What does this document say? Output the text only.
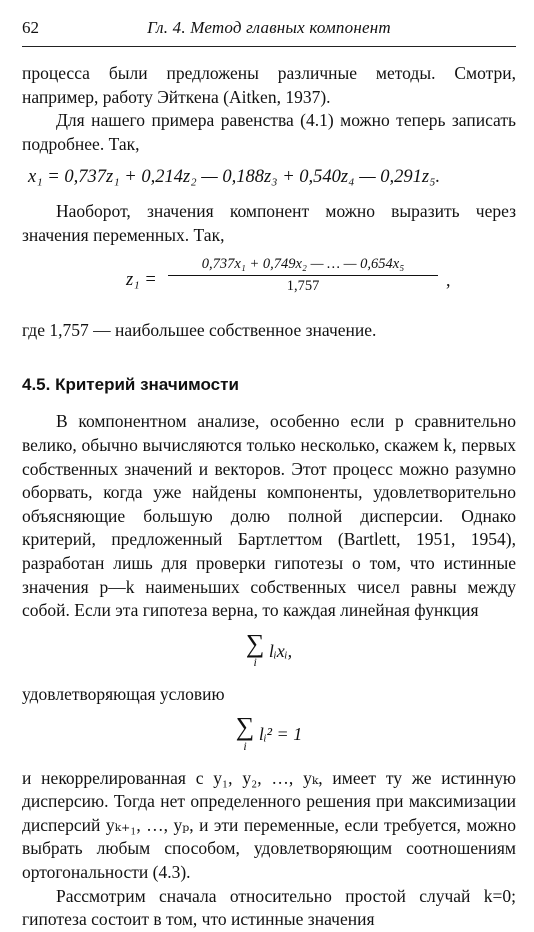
62	Гл. 4. Метод главных компонент

процесса были предложены различные методы. Смотри, например, работу Эйткена (Aitken, 1937).

Для нашего примера равенства (4.1) можно теперь записать подробнее. Так,

x₁ = 0,737z₁ + 0,214z₂ — 0,188z₃ + 0,540z₄ — 0,291z₅.

Наоборот, значения компонент можно выразить через значения переменных. Так,

$z_1 = \frac{\text{0,737x₁ + 0,749x₂ — … — 0,654x₅}}{1,757}$ ,

где 1,757 — наибольшее собственное значение.

4.5. Критерий значимости

В компонентном анализе, особенно если p сравнительно велико, обычно вычисляются только несколько, скажем k, первых собственных значений и векторов. Этот процесс можно разумно оборвать, когда уже найдены компоненты, удовлетворительно объясняющие большую долю полной дисперсии. Однако критерий, предложенный Бартлеттом (Bartlett, 1951, 1954), разработан лишь для проверки гипотезы о том, что истинные значения p—k наименьших собственных чисел равны между собой. Если эта гипотеза верна, то каждая линейная функция

∑
i
lᵢxᵢ,

удовлетворяющая условию

∑
i
lᵢ² = 1

и некоррелированная с y₁, y₂, …, yₖ, имеет ту же истинную дисперсию. Тогда нет определенного решения при максимизации дисперсий yₖ₊₁, …, yₚ, и эти переменные, если требуется, можно выбрать любым способом, удовлетворяющим соотношениям ортогональности (4.3).

Рассмотрим сначала относительно простой случай k=0; гипотеза состоит в том, что истинные значения
